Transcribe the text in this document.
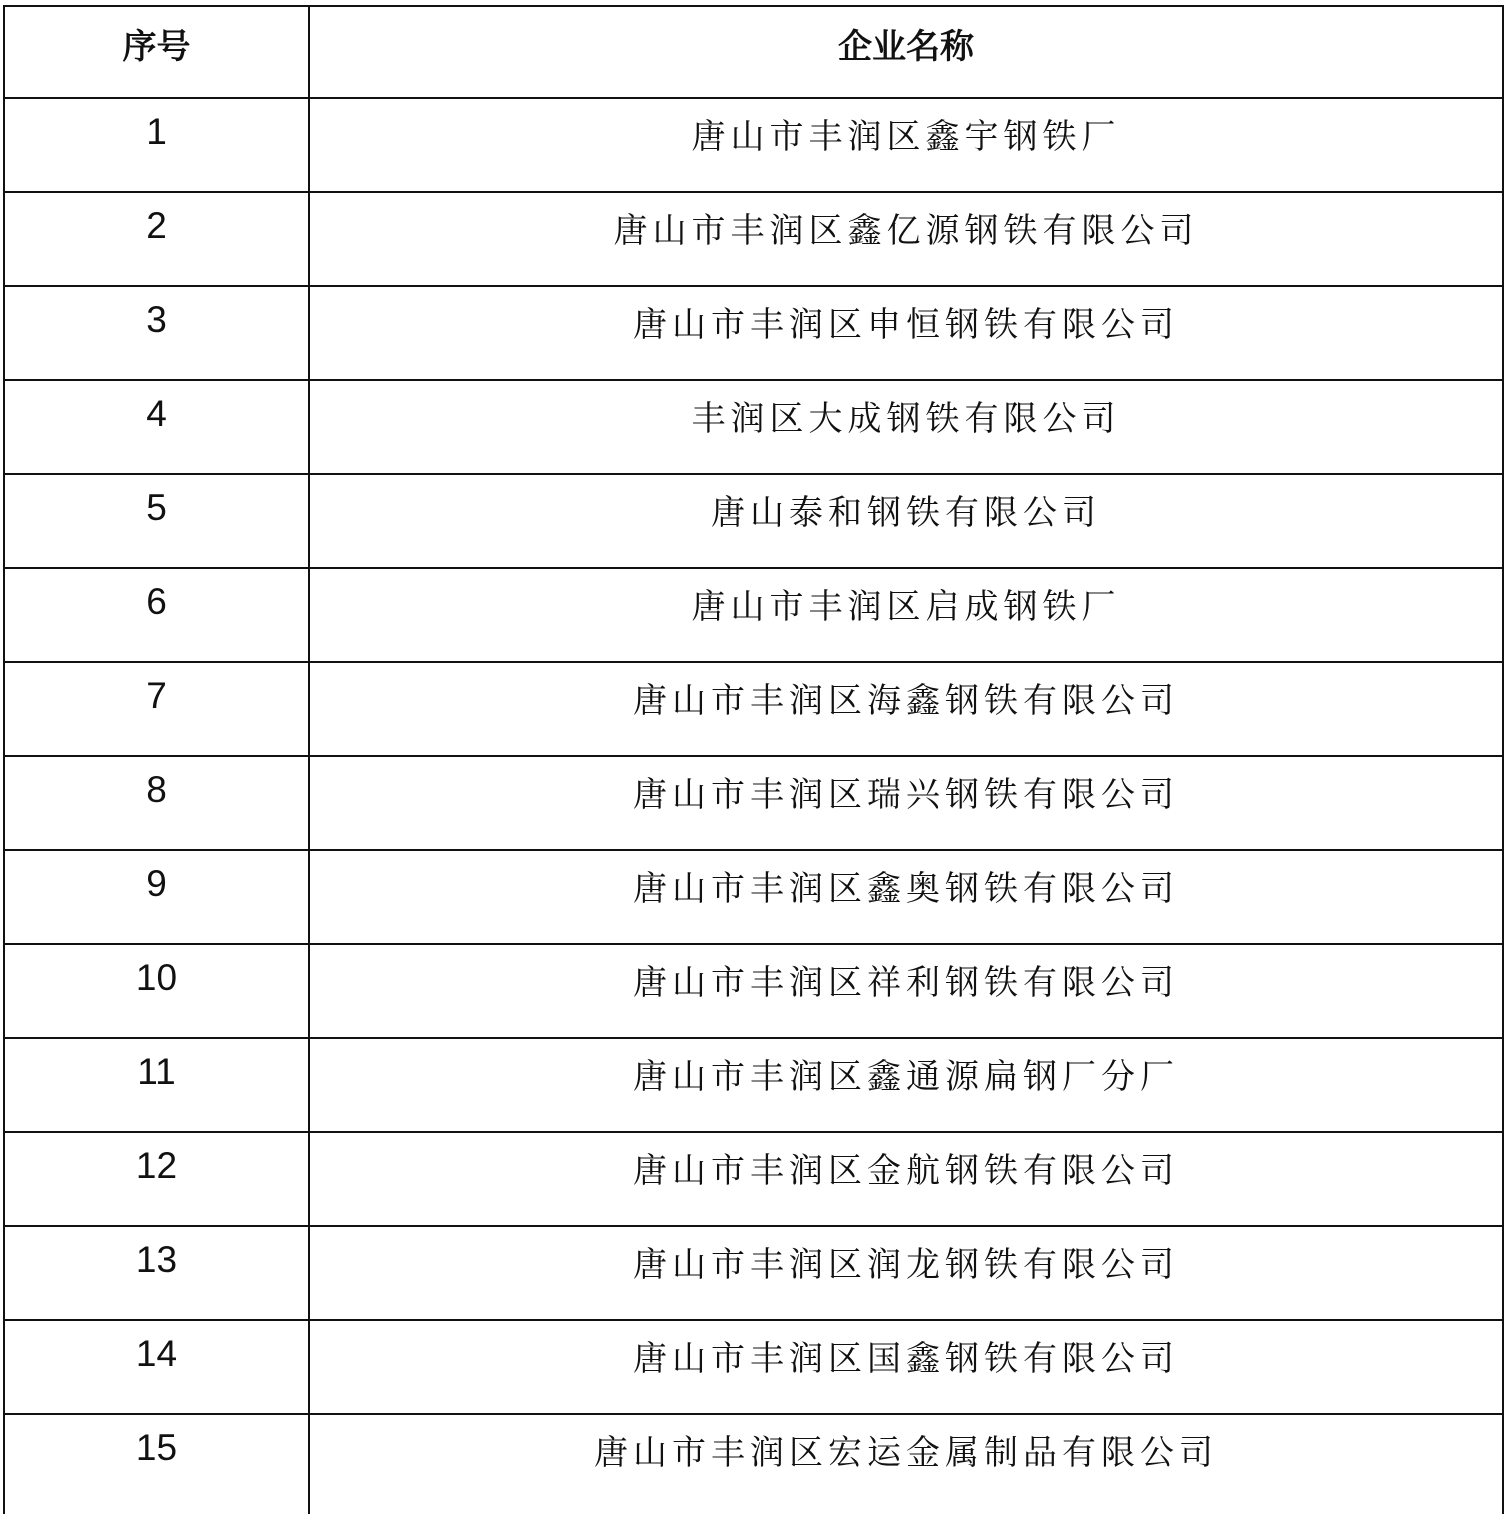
序号	企业名称
1	唐山市丰润区鑫宇钢铁厂
2	唐山市丰润区鑫亿源钢铁有限公司
3	唐山市丰润区申恒钢铁有限公司
4	丰润区大成钢铁有限公司
5	唐山泰和钢铁有限公司
6	唐山市丰润区启成钢铁厂
7	唐山市丰润区海鑫钢铁有限公司
8	唐山市丰润区瑞兴钢铁有限公司
9	唐山市丰润区鑫奥钢铁有限公司
10	唐山市丰润区祥利钢铁有限公司
11	唐山市丰润区鑫通源扁钢厂分厂
12	唐山市丰润区金航钢铁有限公司
13	唐山市丰润区润龙钢铁有限公司
14	唐山市丰润区国鑫钢铁有限公司
15	唐山市丰润区宏运金属制品有限公司
